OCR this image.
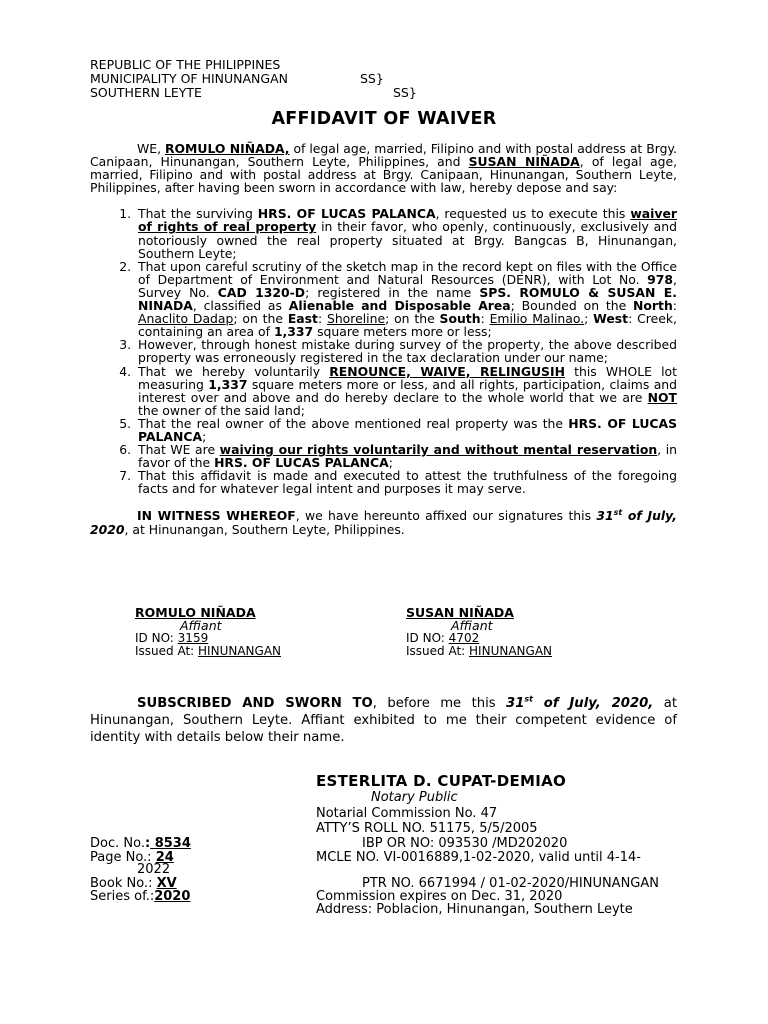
REPUBLIC OF THE PHILIPPINES
MUNICIPALITY OF HINUNANGAN	SS}
SOUTHERN LEYTE	SS}
AFFIDAVIT OF WAIVER

WE, ROMULO NIÑADA, of legal age, married, Filipino and with postal address at Brgy. Canipaan, Hinunangan, Southern Leyte, Philippines, and SUSAN NIÑADA, of legal age, married, Filipino and with postal address at Brgy. Canipaan, Hinunangan, Southern Leyte, Philippines, after having been sworn in accordance with law, hereby depose and say:

1. That the surviving HRS. OF LUCAS PALANCA, requested us to execute this waiver of rights of real property in their favor, who openly, continuously, exclusively and notoriously owned the real property situated at Brgy. Bangcas B, Hinunangan, Southern Leyte;
2. That upon careful scrutiny of the sketch map in the record kept on files with the Office of Department of Environment and Natural Resources (DENR), with Lot No. 978, Survey No. CAD 1320-D; registered in the name SPS. ROMULO & SUSAN E. NINADA, classified as Alienable and Disposable Area; Bounded on the North: Anaclito Dadap; on the East: Shoreline; on the South: Emilio Malinao.; West: Creek, containing an area of 1,337 square meters more or less;
3. However, through honest mistake during survey of the property, the above described property was erroneously registered in the tax declaration under our name;
4. That we hereby voluntarily RENOUNCE, WAIVE, RELINGUSIH this WHOLE lot measuring 1,337 square meters more or less, and all rights, participation, claims and interest over and above and do hereby declare to the whole world that we are NOT the owner of the said land;
5. That the real owner of the above mentioned real property was the HRS. OF LUCAS PALANCA;
6. That WE are waiving our rights voluntarily and without mental reservation, in favor of the HRS. OF LUCAS PALANCA;
7. That this affidavit is made and executed to attest the truthfulness of the foregoing facts and for whatever legal intent and purposes it may serve.

IN WITNESS WHEREOF, we have hereunto affixed our signatures this 31st of July, 2020, at Hinunangan, Southern Leyte, Philippines.

ROMULO NIÑADA
Affiant
ID NO: 3159
Issued At: HINUNANGAN
SUSAN NIÑADA
Affiant
ID NO: 4702
Issued At: HINUNANGAN

SUBSCRIBED AND SWORN TO, before me this 31st of July, 2020, at Hinunangan, Southern Leyte. Affiant exhibited to me their competent evidence of identity with details below their name.

ESTERLITA D. CUPAT-DEMIAO
Notary Public
Notarial Commission No. 47
ATTY’S ROLL NO. 51175, 5/5/2005
IBP OR NO: 093530 /MD202020
MCLE NO. VI-0016889,1-02-2020, valid until 4-14-
2022
PTR NO. 6671994 / 01-02-2020/HINUNANGAN
Commission expires on Dec. 31, 2020
Address: Poblacion, Hinunangan, Southern Leyte
Doc. No.: 8534
Page No.: 24
Book No.: XV
Series of.:2020
